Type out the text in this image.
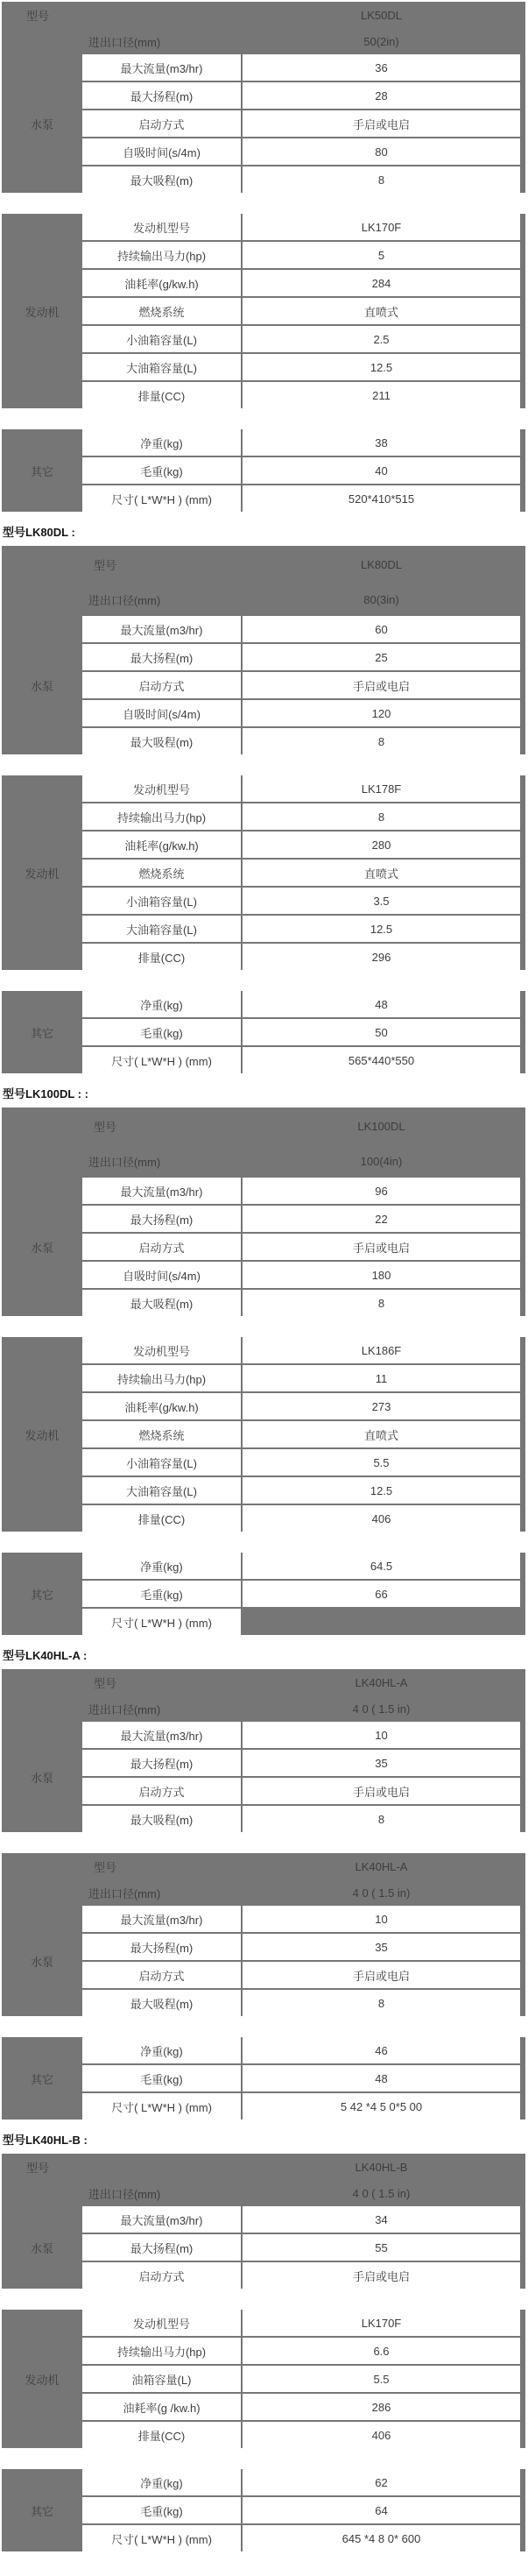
型号	LK50DL
进出口径(mm)	50(2in)
水泵
最大流量(m3/hr)	36
最大扬程(m)	28
启动方式	手启或电启
自吸时间(s/4m)	80
最大吸程(m)	8
发动机
发动机型号	LK170F
持续输出马力(hp)	5
油耗率(g/kw.h)	284
燃烧系统	直喷式
小油箱容量(L)	2.5
大油箱容量(L)	12.5
排量(CC)	211
其它
净重(kg)	38
毛重(kg)	40
尺寸( L*W*H ) (mm)	520*410*515
型号LK80DL :
型号	LK80DL
进出口径(mm)	80(3in)
水泵
最大流量(m3/hr)	60
最大扬程(m)	25
启动方式	手启或电启
自吸时间(s/4m)	120
最大吸程(m)	8
发动机
发动机型号	LK178F
持续输出马力(hp)	8
油耗率(g/kw.h)	280
燃烧系统	直喷式
小油箱容量(L)	3.5
大油箱容量(L)	12.5
排量(CC)	296
其它
净重(kg)	48
毛重(kg)	50
尺寸( L*W*H ) (mm)	565*440*550
型号LK100DL : :
型号	LK100DL
进出口径(mm)	100(4in)
水泵
最大流量(m3/hr)	96
最大扬程(m)	22
启动方式	手启或电启
自吸时间(s/4m)	180
最大吸程(m)	8
发动机
发动机型号	LK186F
持续输出马力(hp)	11
油耗率(g/kw.h)	273
燃烧系统	直喷式
小油箱容量(L)	5.5
大油箱容量(L)	12.5
排量(CC)	406
其它
净重(kg)	64.5
毛重(kg)	66
尺寸( L*W*H ) (mm)
型号LK40HL-A :
型号	LK40HL-A
进出口径(mm)	4 0 ( 1.5 in)
水泵
最大流量(m3/hr)	10
最大扬程(m)	35
启动方式	手启或电启
最大吸程(m)	8
型号	LK40HL-A
进出口径(mm)	4 0 ( 1.5 in)
水泵
最大流量(m3/hr)	10
最大扬程(m)	35
启动方式	手启或电启
最大吸程(m)	8
其它
净重(kg)	46
毛重(kg)	48
尺寸( L*W*H ) (mm)	5 42 *4 5 0*5 00
型号LK40HL-B :
型号	LK40HL-B
进出口径(mm)	4 0 ( 1.5 in)
水泵
最大流量(m3/hr)	34
最大扬程(m)	55
启动方式	手启或电启
发动机
发动机型号	LK170F
持续输出马力(hp)	6.6
油箱容量(L)	5.5
油耗率(g /kw.h)	286
排量(CC)	406
其它
净重(kg)	62
毛重(kg)	64
尺寸( L*W*H ) (mm)	645 *4 8 0* 600
